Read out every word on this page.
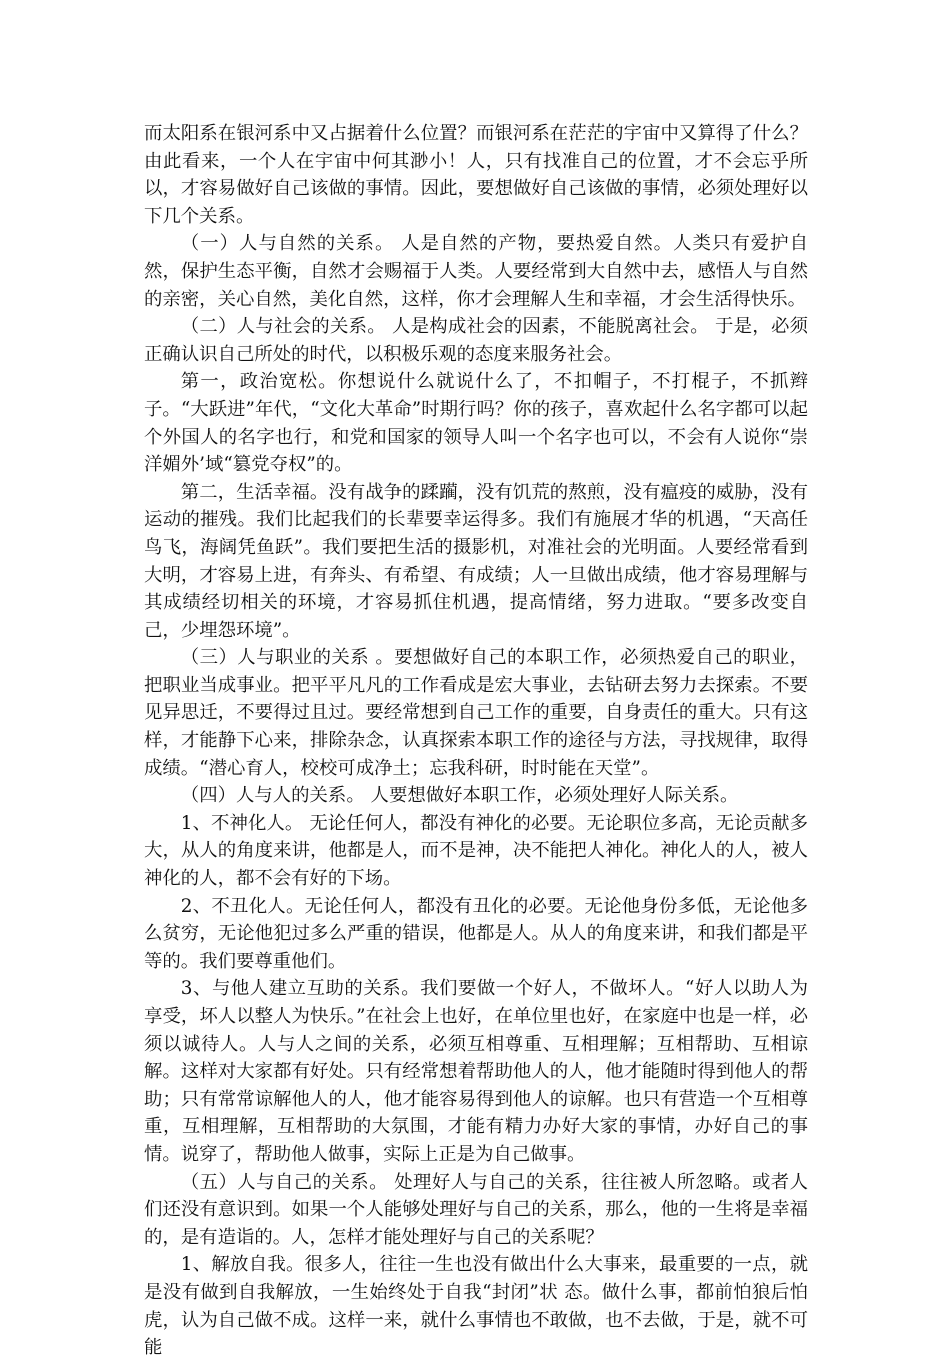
而太阳系在银河系中又占据着什么位置？而银河系在茫茫的宇宙中又算得了什么？由此看来，一个人在宇宙中何其渺小！人，只有找准自己的位置，才不会忘乎所以，才容易做好自己该做的事情。因此，要想做好自己该做的事情，必须处理好以下几个关系。

（一）人与自然的关系。 人是自然的产物，要热爱自然。人类只有爱护自然，保护生态平衡，自然才会赐福于人类。人要经常到大自然中去，感悟人与自然的亲密，关心自然，美化自然，这样，你才会理解人生和幸福，才会生活得快乐。

（二）人与社会的关系。 人是构成社会的因素，不能脱离社会。 于是，必须正确认识自己所处的时代，以积极乐观的态度来服务社会。

第一，政治宽松。你想说什么就说什么了，不扣帽子，不打棍子，不抓辫子。“大跃进”年代，“文化大革命”时期行吗？你的孩子，喜欢起什么名字都可以起个外国人的名字也行，和党和国家的领导人叫一个名字也可以，不会有人说你“崇洋媚外’域“篡党夺权”的。

第二，生活幸福。没有战争的蹂躏，没有饥荒的熬煎，没有瘟疫的威胁，没有运动的摧残。我们比起我们的长辈要幸运得多。我们有施展才华的机遇，“天高任鸟飞，海阔凭鱼跃”。我们要把生活的摄影机，对准社会的光明面。人要经常看到大明，才容易上进，有奔头、有希望、有成绩；人一旦做出成绩，他才容易理解与其成绩经切相关的环境，才容易抓住机遇，提高情绪，努力进取。“要多改变自己，少埋怨环境”。

（三）人与职业的关系 。要想做好自己的本职工作，必须热爱自己的职业，把职业当成事业。把平平凡凡的工作看成是宏大事业，去钻研去努力去探索。不要见异思迁，不要得过且过。要经常想到自己工作的重要，自身责任的重大。只有这样，才能静下心来，排除杂念，认真探索本职工作的途径与方法，寻找规律，取得成绩。“潜心育人，校校可成净土；忘我科研，时时能在天堂”。

（四）人与人的关系。 人要想做好本职工作，必须处理好人际关系。

1、不神化人。 无论任何人，都没有神化的必要。无论职位多高，无论贡献多大，从人的角度来讲，他都是人，而不是神，决不能把人神化。神化人的人，被人神化的人，都不会有好的下场。

2、不丑化人。无论任何人，都没有丑化的必要。无论他身份多低，无论他多么贫穷，无论他犯过多么严重的错误，他都是人。从人的角度来讲，和我们都是平等的。我们要尊重他们。

3、与他人建立互助的关系。我们要做一个好人，不做坏人。“好人以助人为享受，坏人以整人为快乐。”在社会上也好，在单位里也好，在家庭中也是一样，必须以诚待人。人与人之间的关系，必须互相尊重、互相理解；互相帮助、互相谅解。这样对大家都有好处。只有经常想着帮助他人的人，他才能随时得到他人的帮助；只有常常谅解他人的人，他才能容易得到他人的谅解。也只有营造一个互相尊重，互相理解，互相帮助的大氛围，才能有精力办好大家的事情，办好自己的事情。说穿了，帮助他人做事，实际上正是为自己做事。

（五）人与自己的关系。 处理好人与自己的关系，往往被人所忽略。或者人们还没有意识到。如果一个人能够处理好与自己的关系，那么，他的一生将是幸福的，是有造诣的。人，怎样才能处理好与自己的关系呢？

1、解放自我。很多人，往往一生也没有做出什么大事来，最重要的一点，就是没有做到自我解放，一生始终处于自我“封闭”状 态。做什么事，都前怕狼后怕虎，认为自己做不成。这样一来，就什么事情也不敢做，也不去做，于是，就不可能
